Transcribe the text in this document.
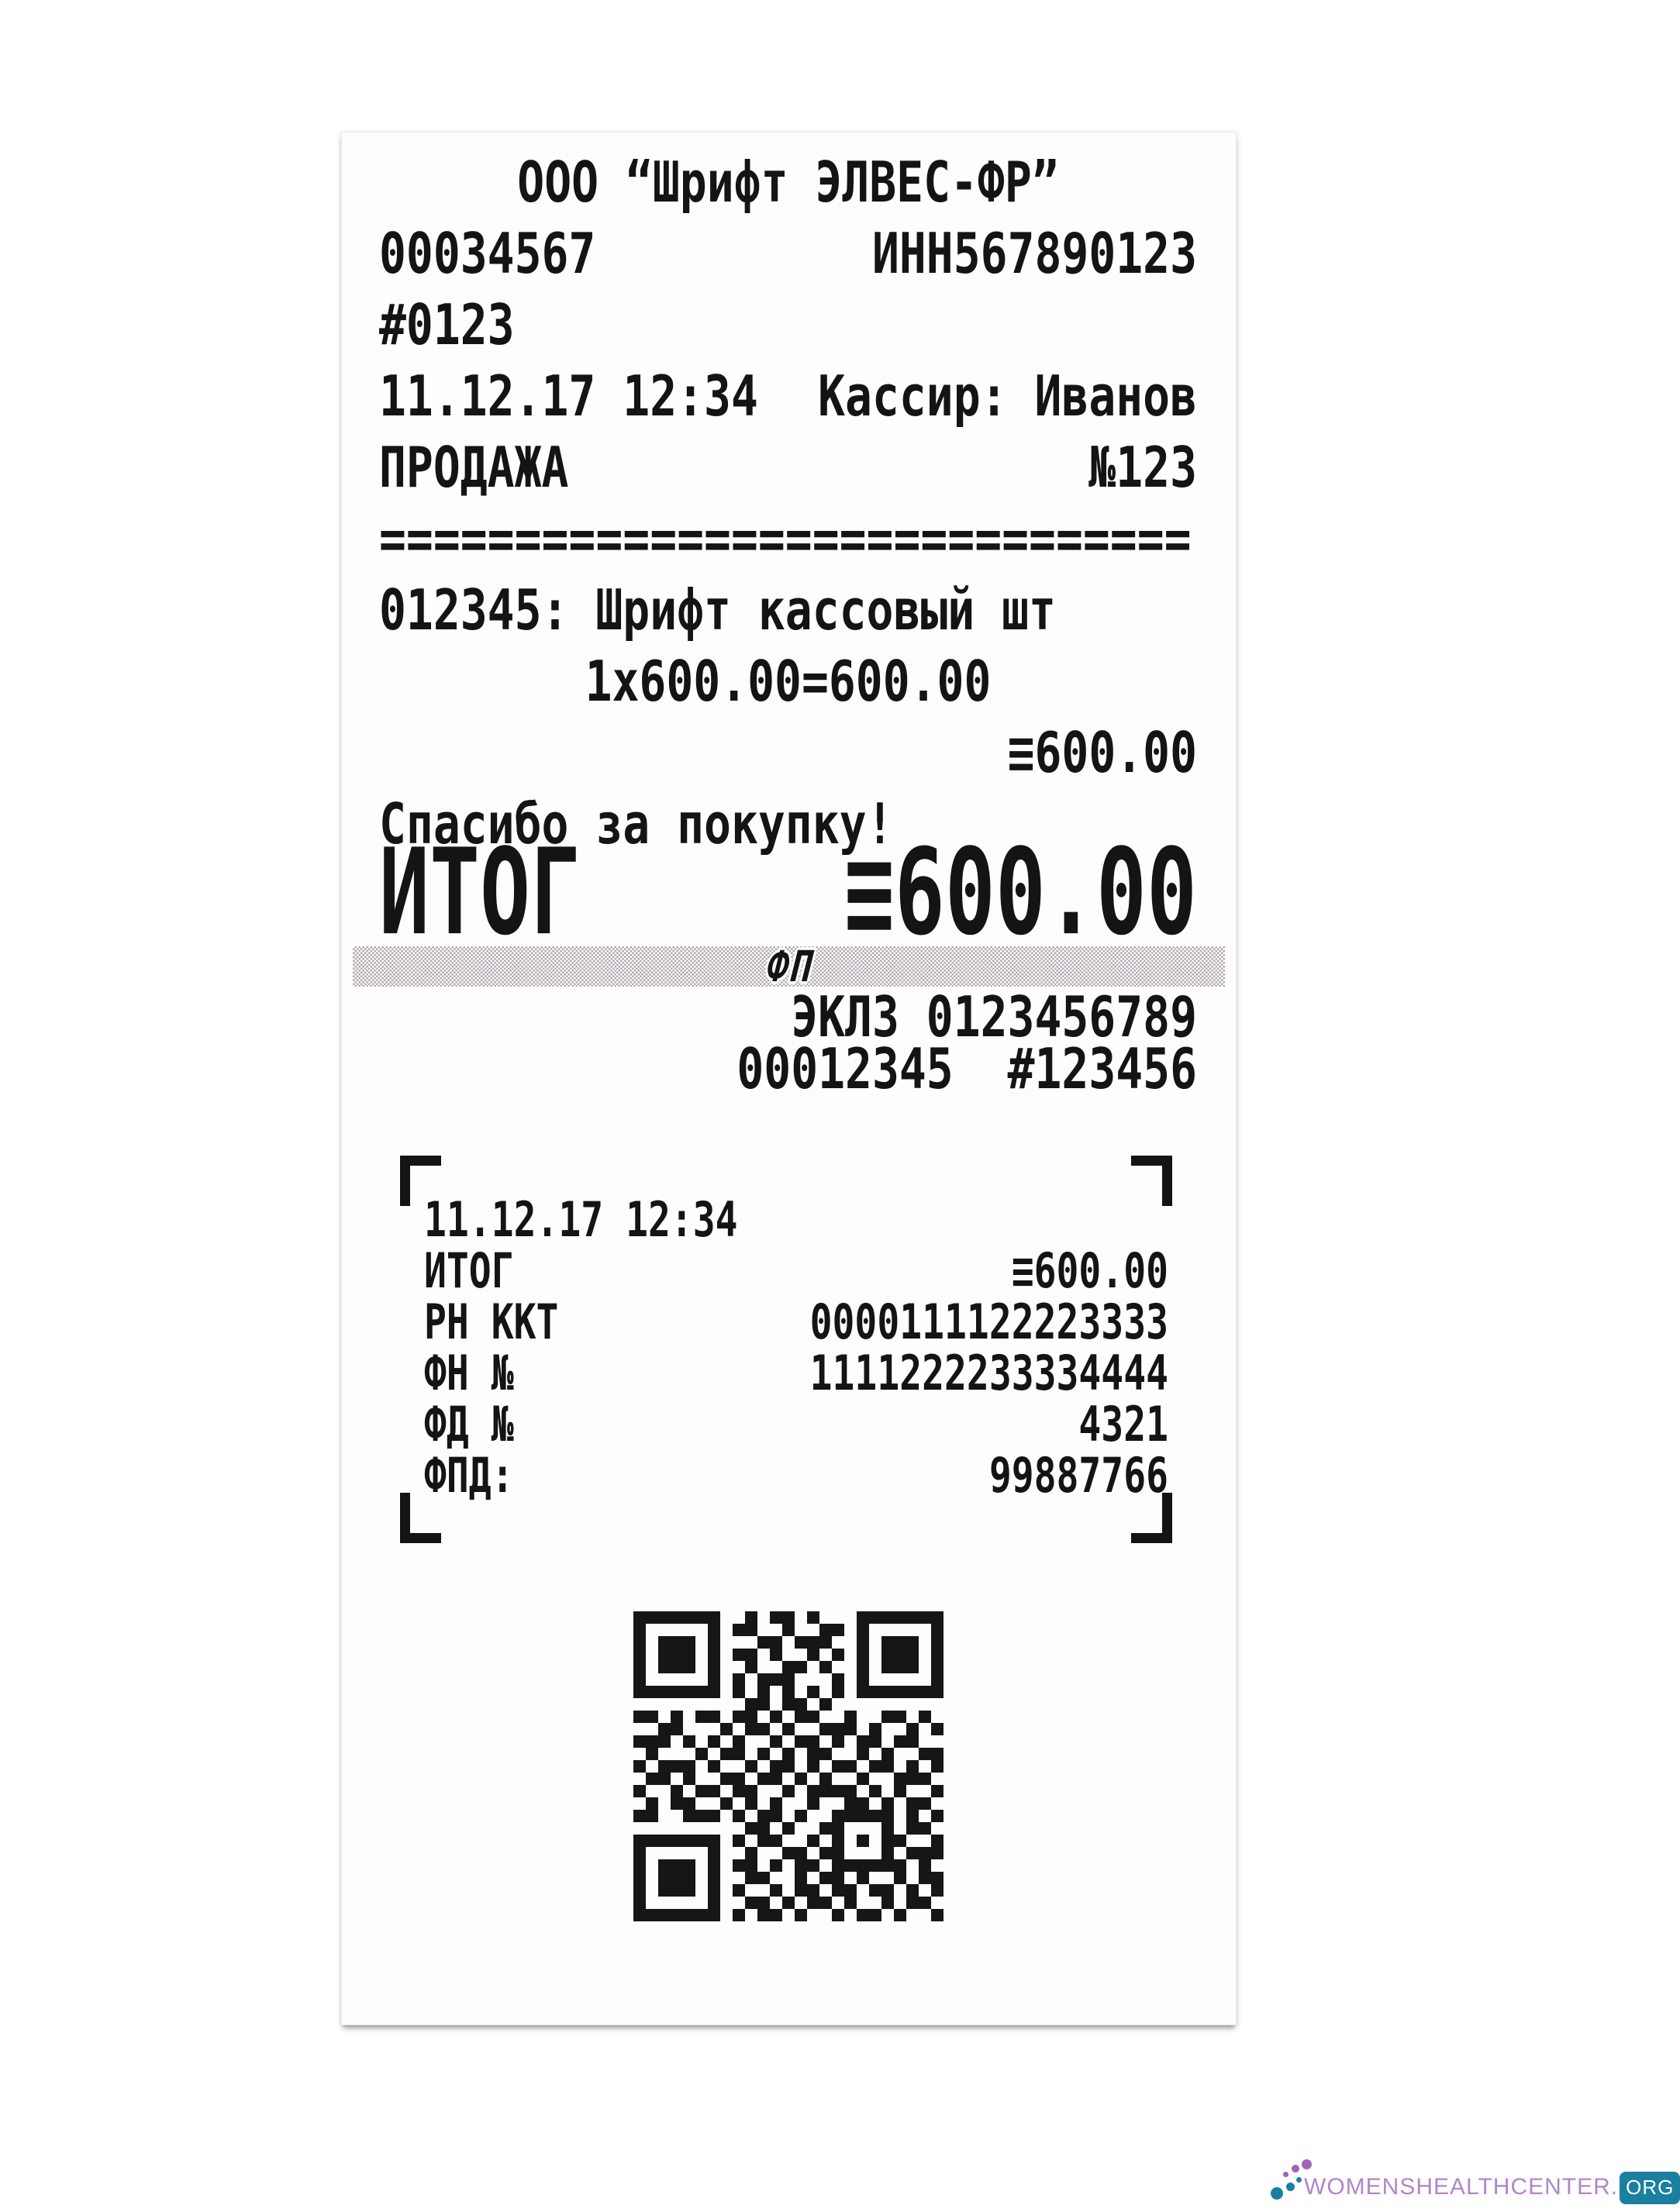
ООО “Шрифт ЭЛВЕС-ФР”
00034567	ИНН567890123
#0123
11.12.17 12:34 Кассир: Иванов
ПРОДАЖА	№123
==============================
012345: Шрифт кассовый шт
1x600.00=600.00
≡600.00
Спасибо за покупку!
ИТОГ	≡600.00
ФП
ЭКЛЗ 0123456789
00012345  #123456
11.12.17 12:34
ИТОГ	≡600.00
РН ККТ	0000111122223333
ФН №	1111222233334444
ФД №	4321
ФПД:	99887766
WOMENSHEALTHCENTER. ORG
